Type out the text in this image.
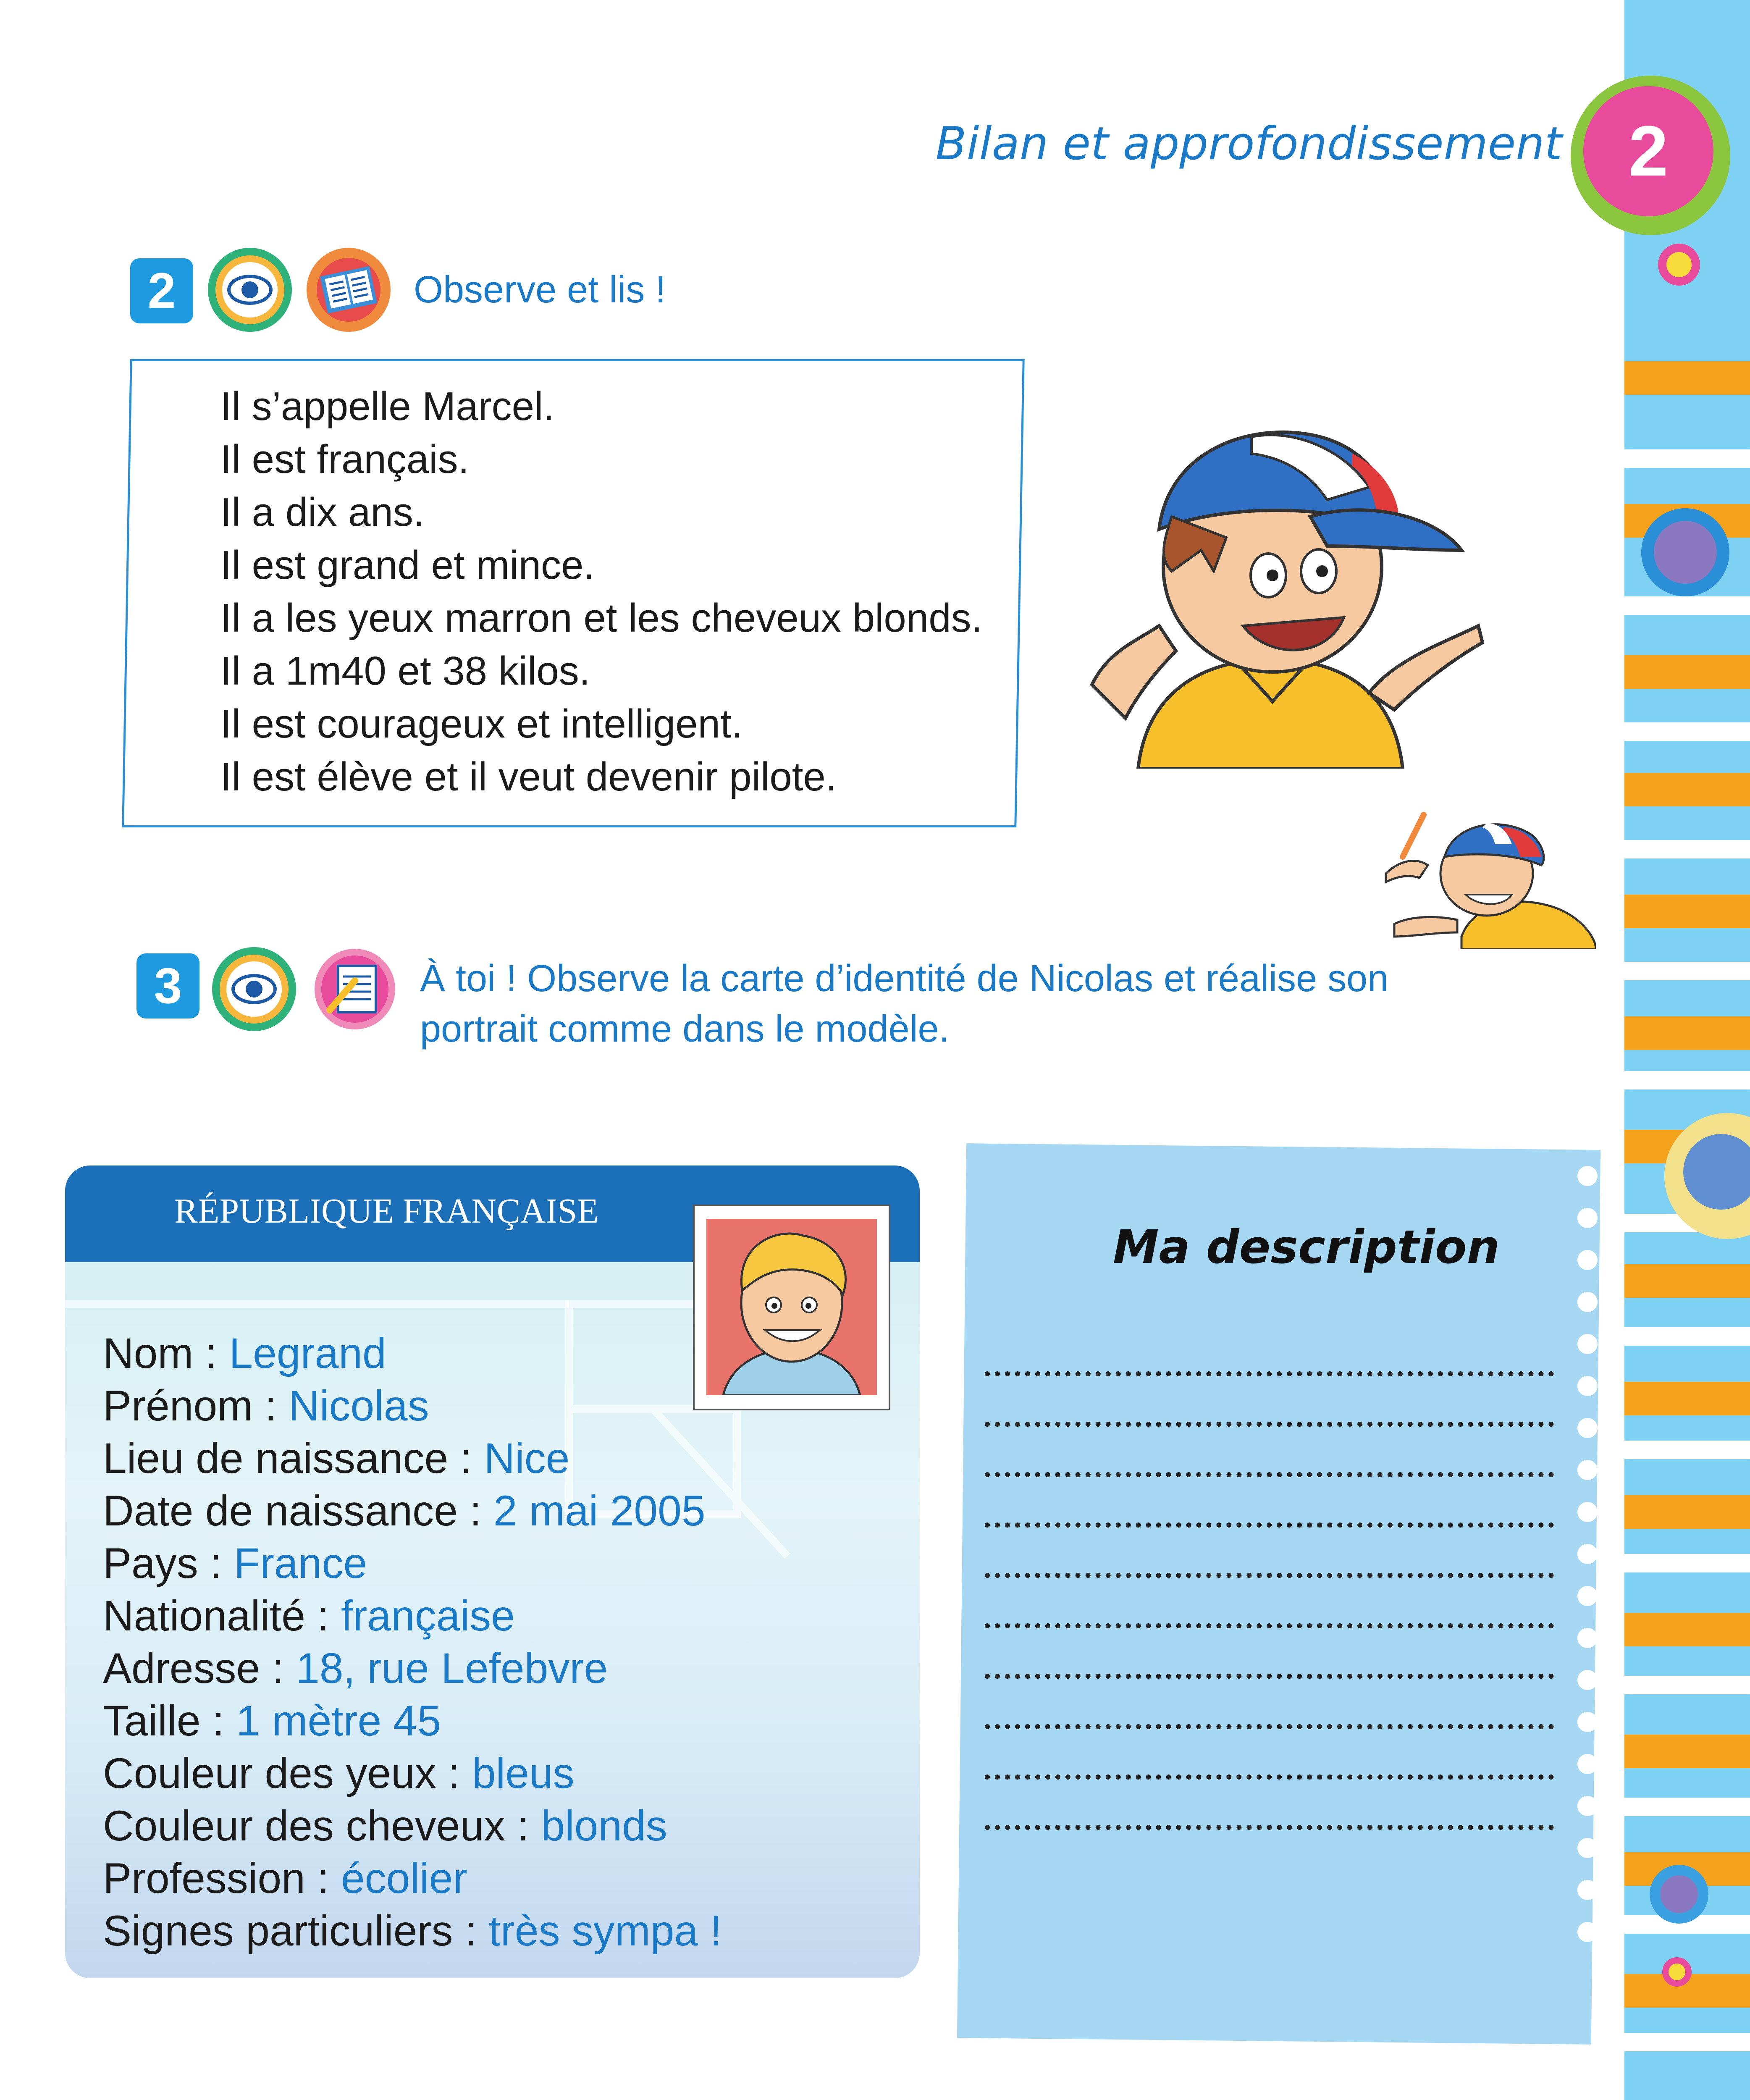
Bilan et approfondissement 2
2	Observe et lis !
Il s’appelle Marcel.
Il est français.
Il a dix ans.
Il est grand et mince.
Il a les yeux marron et les cheveux blonds.
Il a 1m40 et 38 kilos.
Il est courageux et intelligent.
Il est élève et il veut devenir pilote.
3	À toi ! Observe la carte d’identité de Nicolas et réalise son
portrait comme dans le modèle.
RÉPUBLIQUE FRANÇAISE
Nom : Legrand
Prénom : Nicolas
Lieu de naissance : Nice
Date de naissance : 2 mai 2005
Pays : France
Nationalité : française
Adresse : 18, rue Lefebvre
Taille : 1 mètre 45
Couleur des yeux : bleus
Couleur des cheveux : blonds
Profession : écolier
Signes particuliers : très sympa !
Ma description
